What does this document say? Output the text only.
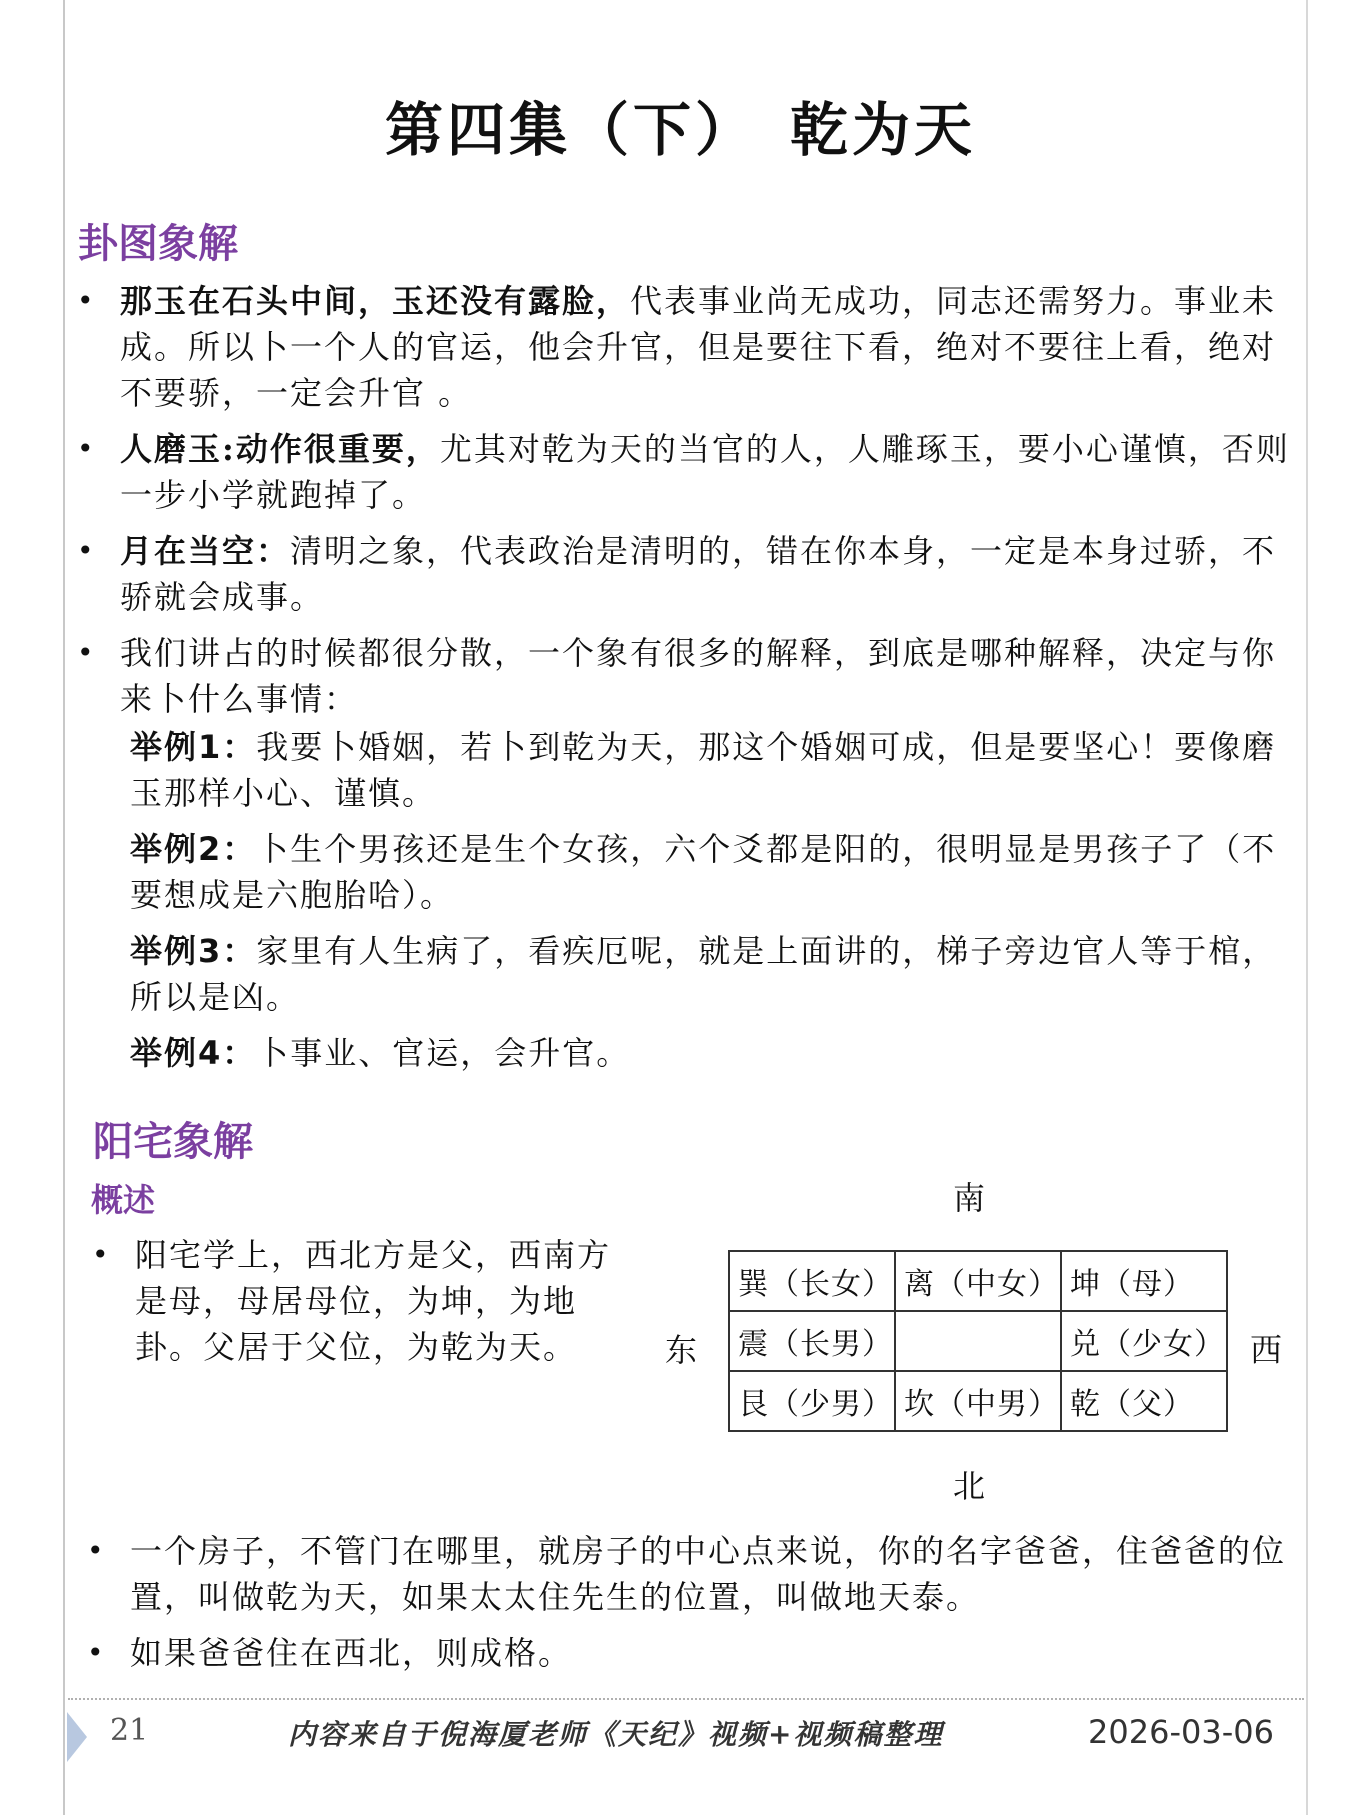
第四集（下）　乾为天
卦图象解
• 那玉在石头中间，玉还没有露脸，代表事业尚无成功，同志还需努力。事业未成。所以卜一个人的官运，他会升官，但是要往下看，绝对不要往上看，绝对不要骄，一定会升官 。
• 人磨玉:动作很重要，尤其对乾为天的当官的人，人雕琢玉，要小心谨慎，否则一步小学就跑掉了。
• 月在当空：清明之象，代表政治是清明的，错在你本身，一定是本身过骄，不骄就会成事。
• 我们讲占的时候都很分散，一个象有很多的解释，到底是哪种解释，决定与你来卜什么事情：
举例1：我要卜婚姻，若卜到乾为天，那这个婚姻可成，但是要坚心！要像磨玉那样小心、谨慎。
举例2：卜生个男孩还是生个女孩，六个爻都是阳的，很明显是男孩子了（不要想成是六胞胎哈）。
举例3：家里有人生病了，看疾厄呢，就是上面讲的，梯子旁边官人等于棺，所以是凶。
举例4：卜事业、官运，会升官。
阳宅象解
概述
• 阳宅学上，西北方是父，西南方是母，母居母位，为坤，为地卦。父居于父位，为乾为天。
南
北
东	西
巽（长女）	离（中女）	坤（母）
震（长男）		兑（少女）
艮（少男）	坎（中男）	乾（父）
• 一个房子，不管门在哪里，就房子的中心点来说，你的名字爸爸，住爸爸的位置，叫做乾为天，如果太太住先生的位置，叫做地天泰。
• 如果爸爸住在西北，则成格。
21	内容来自于倪海厦老师《天纪》视频+视频稿整理	2026-03-06
